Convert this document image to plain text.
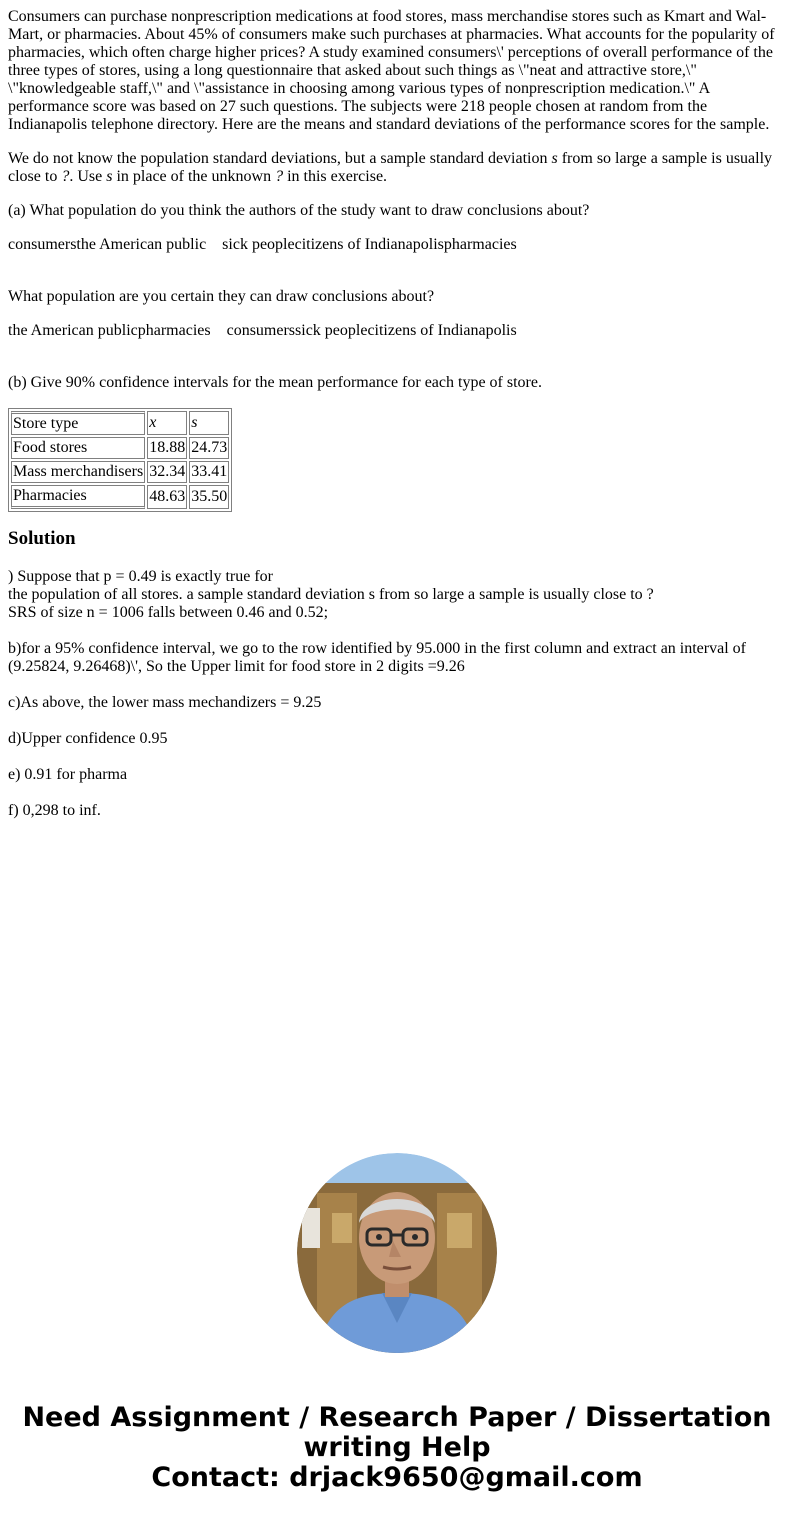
Consumers can purchase nonprescription medications at food stores, mass merchandise stores such as Kmart and Wal-Mart, or pharmacies. About 45% of consumers make such purchases at pharmacies. What accounts for the popularity of pharmacies, which often charge higher prices? A study examined consumers\' perceptions of overall performance of the three types of stores, using a long questionnaire that asked about such things as \"neat and attractive store,\" \"knowledgeable staff,\" and \"assistance in choosing among various types of nonprescription medication.\" A performance score was based on 27 such questions. The subjects were 218 people chosen at random from the Indianapolis telephone directory. Here are the means and standard deviations of the performance scores for the sample.

We do not know the population standard deviations, but a sample standard deviation s from so large a sample is usually close to ?. Use s in place of the unknown ? in this exercise.

(a) What population do you think the authors of the study want to draw conclusions about?

consumersthe American public    sick peoplecitizens of Indianapolispharmacies

What population are you certain they can draw conclusions about?

the American publicpharmacies    consumerssick peoplecitizens of Indianapolis

(b) Give 90% confidence intervals for the mean performance for each type of store.

Store type	x	s
Food stores	18.88	24.73
Mass merchandisers	32.34	33.41
Pharmacies	48.63	35.50
Solution

) Suppose that p = 0.49 is exactly true for
the population of all stores. a sample standard deviation s from so large a sample is usually close to ?
SRS of size n = 1006 falls between 0.46 and 0.52;

b)for a 95% confidence interval, we go to the row identified by 95.000 in the first column and extract an interval of (9.25824, 9.26468)\', So the Upper limit for food store in 2 digits =9.26

c)As above, the lower mass mechandizers = 9.25

d)Upper confidence 0.95

e) 0.91 for pharma

f) 0,298 to inf.

Need Assignment / Research Paper / Dissertation
writing Help
Contact: drjack9650@gmail.com
